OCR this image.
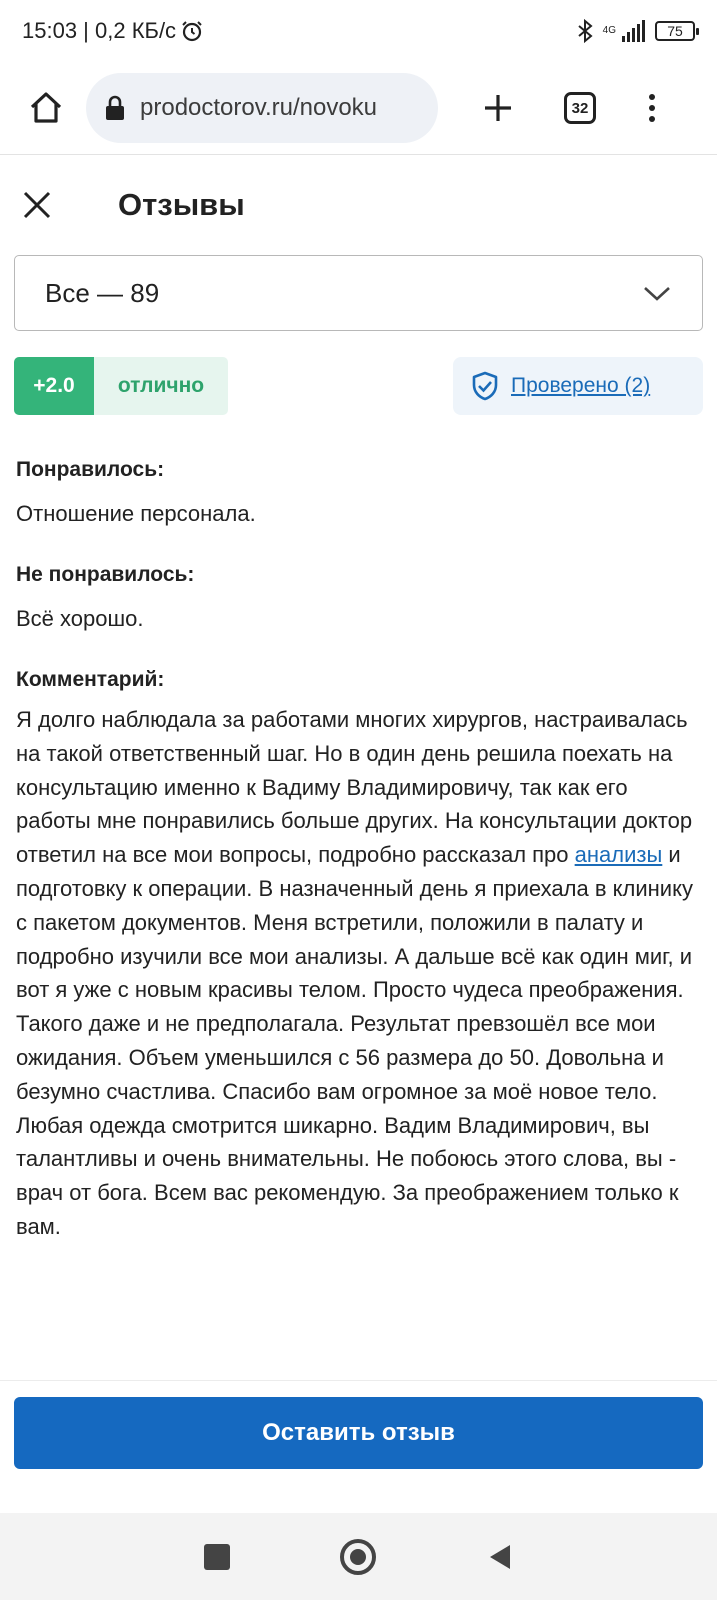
15:03 | 0,2 КБ/с	4G	75
prodoctorov.ru/novoku	32
Отзывы
Все — 89
+2.0	отлично	Проверено (2)
Понравилось:
Отношение персонала.
Не понравилось:
Всё хорошо.
Комментарий:
Я долго наблюдала за работами многих хирургов, настраивалась на такой ответственный шаг. Но в один день решила поехать на консультацию именно к Вадиму Владимировичу, так как его работы мне понравились больше других. На консультации доктор ответил на все мои вопросы, подробно рассказал про анализы и подготовку к операции. В назначенный день я приехала в клинику с пакетом документов. Меня встретили, положили в палату и подробно изучили все мои анализы. А дальше всё как один миг, и вот я уже с новым красивы телом. Просто чудеса преображения. Такого даже и не предполагала. Результат превзошёл все мои ожидания. Объем уменьшился с 56 размера до 50. Довольна и безумно счастлива. Спасибо вам огромное за моё новое тело. Любая одежда смотрится шикарно. Вадим Владимирович, вы талантливы и очень внимательны. Не побоюсь этого слова, вы - врач от бога. Всем вас рекомендую. За преображением только к вам.
Оставить отзыв
